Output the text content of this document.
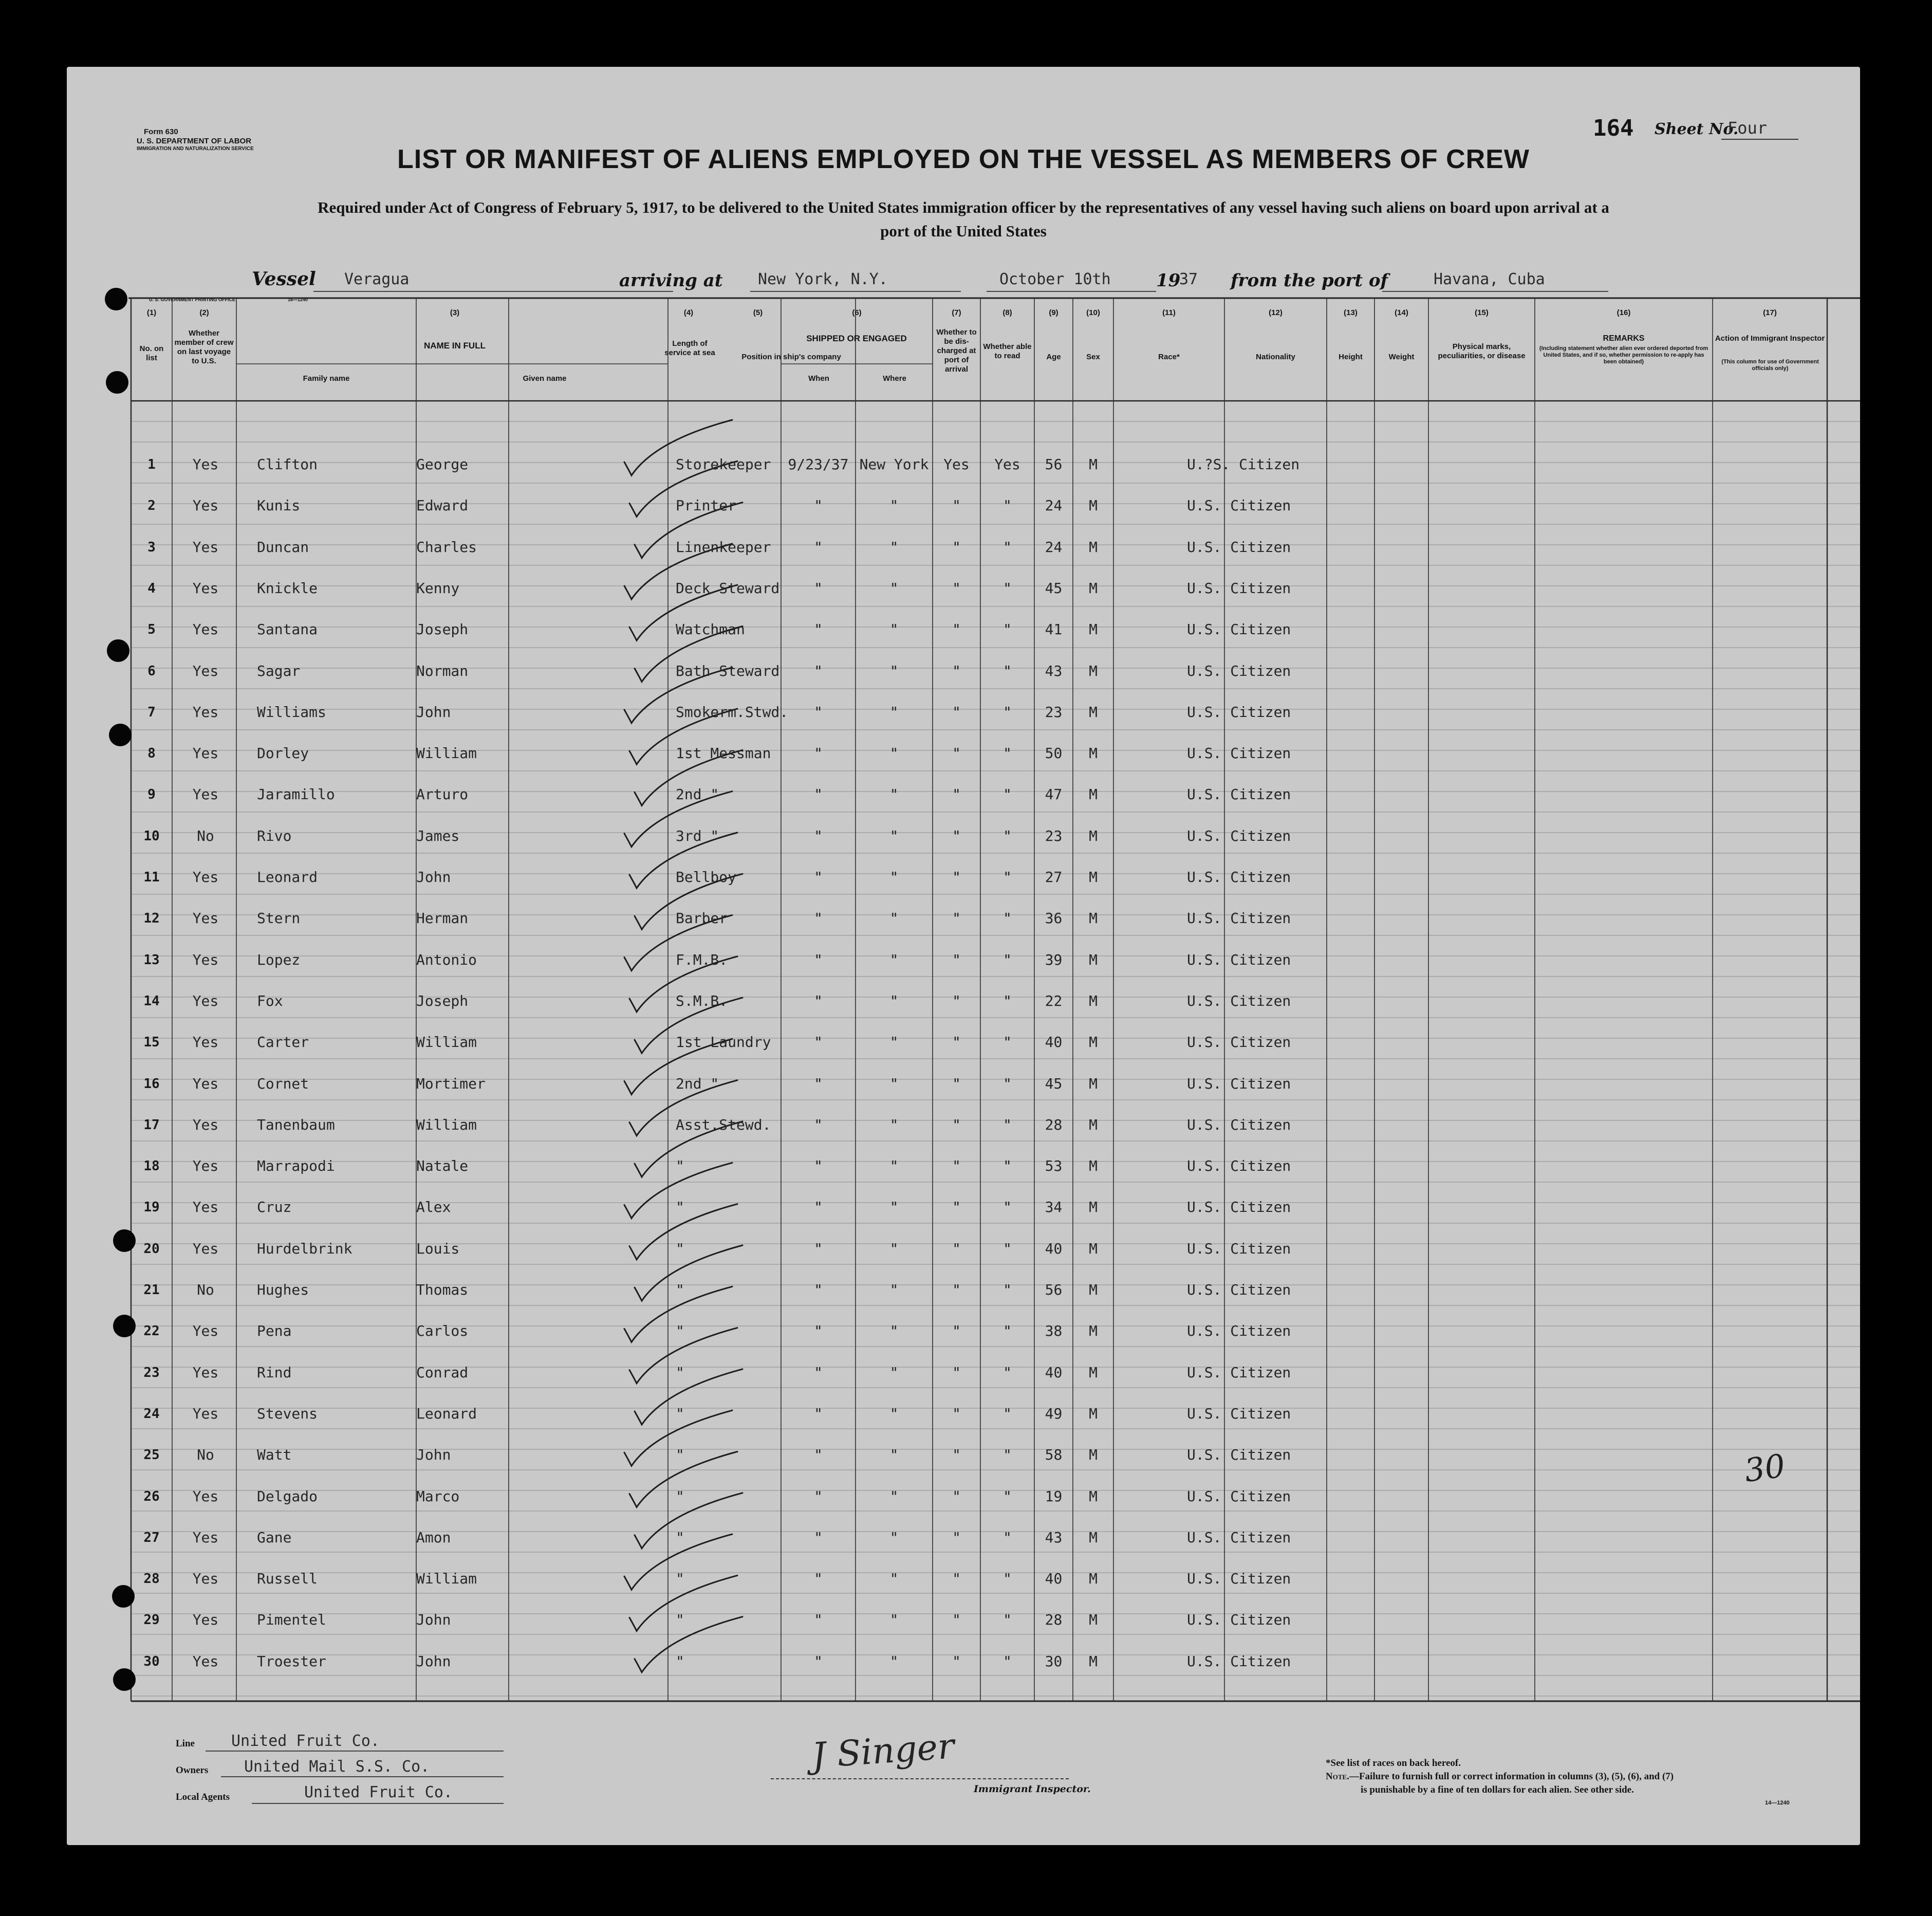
Form 630
U. S. DEPARTMENT OF LABOR
IMMIGRATION AND NATURALIZATION SERVICE
164 Sheet No.
Four
LIST OR MANIFEST OF ALIENS EMPLOYED ON THE VESSEL AS MEMBERS OF CREW
Required under Act of Congress of February 5, 1917, to be delivered to the United States immigration officer by the representatives of any vessel having such aliens on board upon arrival at a
port of the United States
Vessel Veragua	arriving at New York, N.Y.	October 10th	19
37 from the port of	Havana, Cuba
U. S. GOVERNMENT PRINTING OFFICE	16—1240
(1)	(2)	(3)	(4)	(5)	(6)	(7)	(8)	(9)	(10)	(11)	(12)	(13)	(14)	(15)	(16)	(17)
No. on list
Whether member of crew on last voyage to U.S.
NAME IN FULL
Family name	Given name
Length of service at sea	Position in ship's company
SHIPPED OR ENGAGED
When	Where
Whether to be dis-charged at port of arrival
Whether able to read	Age	Sex	Race*	Nationality	Height	Weight
Physical marks, peculiarities, or disease
REMARKS
(Including statement whether alien ever ordered deported from United States, and if so, whether permission to re-apply has been obtained)
Action of Immigrant Inspector
(This column for use of Government officials only)
1	Yes	Clifton	George	Storekeeper	9/23/37 New York	Yes	Yes	56	M	U.?S. Citizen
2	Yes	Kunis	Edward	Printer	"	"	"	"	24	M	U.S. Citizen
3	Yes	Duncan	Charles	Linenkeeper	"	"	"	"	24	M	U.S. Citizen
4	Yes	Knickle	Kenny	Deck Steward	"	"	"	"	45	M	U.S. Citizen
5	Yes	Santana	Joseph	Watchman	"	"	"	"	41	M	U.S. Citizen
6	Yes	Sagar	Norman	Bath Steward	"	"	"	"	43	M	U.S. Citizen
7	Yes	Williams	John	Smokerm.Stwd.	"	"	"	"	23	M	U.S. Citizen
8	Yes	Dorley	William	1st Messman	"	"	"	"	50	M	U.S. Citizen
9	Yes	Jaramillo	Arturo	2nd "	"	"	"	"	47	M	U.S. Citizen
10	No	Rivo	James	3rd "	"	"	"	"	23	M	U.S. Citizen
11	Yes	Leonard	John	Bellboy	"	"	"	"	27	M	U.S. Citizen
12	Yes	Stern	Herman	Barber	"	"	"	"	36	M	U.S. Citizen
13	Yes	Lopez	Antonio	F.M.B.	"	"	"	"	39	M	U.S. Citizen
14	Yes	Fox	Joseph	S.M.B.	"	"	"	"	22	M	U.S. Citizen
15	Yes	Carter	William	1st Laundry	"	"	"	"	40	M	U.S. Citizen
16	Yes	Cornet	Mortimer	2nd "	"	"	"	"	45	M	U.S. Citizen
17	Yes	Tanenbaum	William	Asst.Stewd.	"	"	"	"	28	M	U.S. Citizen
18	Yes	Marrapodi	Natale	"	"	"	"	"	53	M	U.S. Citizen
19	Yes	Cruz	Alex	"	"	"	"	"	34	M	U.S. Citizen
20	Yes	Hurdelbrink	Louis	"	"	"	"	"	40	M	U.S. Citizen
21	No	Hughes	Thomas	"	"	"	"	"	56	M	U.S. Citizen
22	Yes	Pena	Carlos	"	"	"	"	"	38	M	U.S. Citizen
23	Yes	Rind	Conrad	"	"	"	"	"	40	M	U.S. Citizen
24	Yes	Stevens	Leonard	"	"	"	"	"	49	M	U.S. Citizen
25	No	Watt	John	"	"	"	"	"	58	M	U.S. Citizen
26	Yes	Delgado	Marco	"	"	"	"	"	19	M	U.S. Citizen
27	Yes	Gane	Amon	"	"	"	"	"	43	M	U.S. Citizen
28	Yes	Russell	William	"	"	"	"	"	40	M	U.S. Citizen
29	Yes	Pimentel	John	"	"	"	"	"	28	M	U.S. Citizen
30	Yes	Troester	John	"	"	"	"	"	30	M	U.S. Citizen
30
Line United Fruit Co.
Owners United Mail S.S. Co.
Local Agents	United Fruit Co.
J Singer
Immigrant Inspector.
*See list of races on back hereof.
Note.—Failure to furnish full or correct information in columns (3), (5), (6), and (7)
is punishable by a fine of ten dollars for each alien. See other side.
14—1240
